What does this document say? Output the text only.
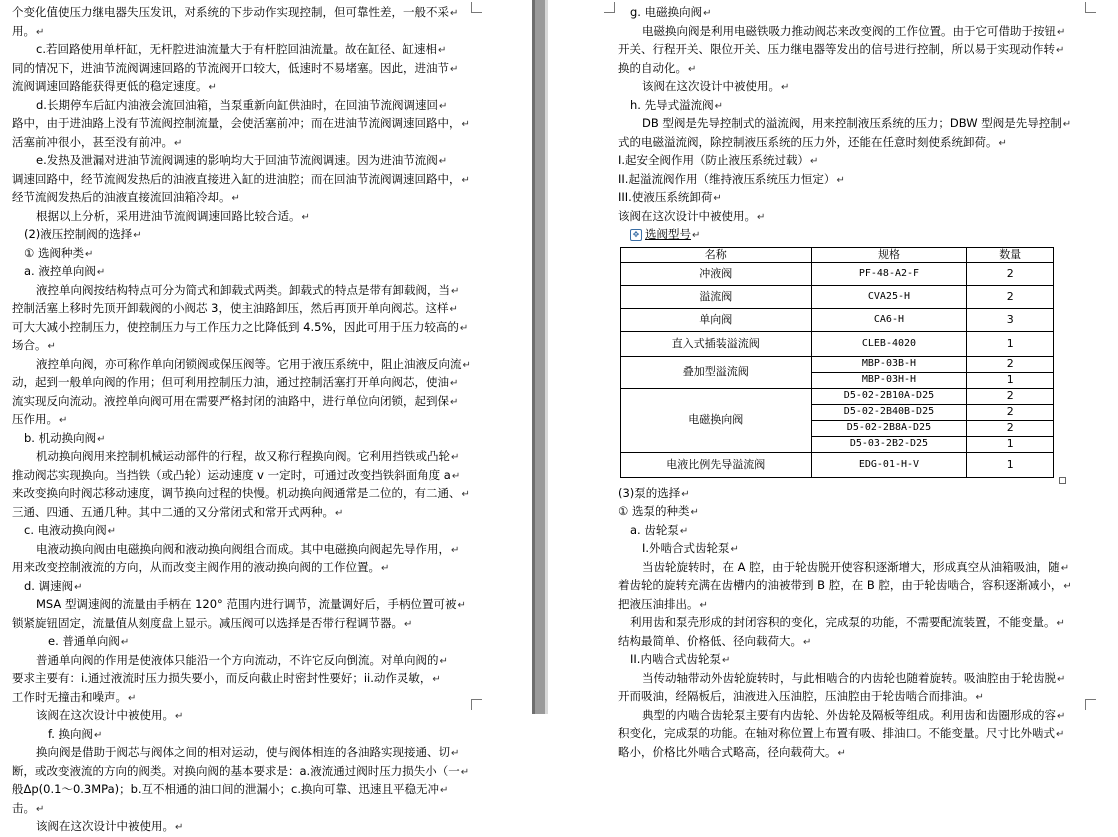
个变化值使压力继电器失压发讯，对系统的下步动作实现控制，但可靠性差，一般不采↵
用。↵
c.若回路使用单杆缸，无杆腔进油流量大于有杆腔回油流量。故在缸径、缸速相↵
同的情况下，进油节流阀调速回路的节流阀开口较大，低速时不易堵塞。因此，进油节↵
流阀调速回路能获得更低的稳定速度。↵
d.长期停车后缸内油液会流回油箱，当泵重新向缸供油时，在回油节流阀调速回↵
路中，由于进油路上没有节流阀控制流量，会使活塞前冲；而在进油节流阀调速回路中，↵
活塞前冲很小，甚至没有前冲。↵
e.发热及泄漏对进油节流阀调速的影响均大于回油节流阀调速。因为进油节流阀↵
调速回路中，经节流阀发热后的油液直接进入缸的进油腔；而在回油节流阀调速回路中，↵
经节流阀发热后的油液直接流回油箱冷却。↵
根据以上分析，采用进油节流阀调速回路比较合适。↵
(2)液压控制阀的选择↵
① 选阀种类↵
a. 液控单向阀↵
液控单向阀按结构特点可分为简式和卸载式两类。卸载式的特点是带有卸载阀，当↵
控制活塞上移时先顶开卸载阀的小阀芯 3，使主油路卸压，然后再顶开单向阀芯。这样↵
可大大减小控制压力，使控制压力与工作压力之比降低到 4.5%，因此可用于压力较高的↵
场合。↵
液控单向阀，亦可称作单向闭锁阀或保压阀等。它用于液压系统中，阻止油液反向流↵
动，起到一般单向阀的作用；但可利用控制压力油，通过控制活塞打开单向阀芯，使油↵
流实现反向流动。液控单向阀可用在需要严格封闭的油路中，进行单位向闭锁，起到保↵
压作用。↵
b. 机动换向阀↵
机动换向阀用来控制机械运动部件的行程，故又称行程换向阀。它利用挡铁或凸轮↵
推动阀芯实现换向。当挡铁（或凸轮）运动速度 v 一定时，可通过改变挡铁斜面角度 a↵
来改变换向时阀芯移动速度，调节换向过程的快慢。机动换向阀通常是二位的，有二通、↵
三通、四通、五通几种。其中二通的又分常闭式和常开式两种。↵
c. 电液动换向阀↵
电液动换向阀由电磁换向阀和液动换向阀组合而成。其中电磁换向阀起先导作用，↵
用来改变控制液流的方向，从而改变主阀作用的液动换向阀的工作位置。↵
d. 调速阀↵
MSA 型调速阀的流量由手柄在 120° 范围内进行调节，流量调好后，手柄位置可被↵
锁紧旋钮固定，流量值从刻度盘上显示。减压阀可以选择是否带行程调节器。↵
e. 普通单向阀↵
普通单向阀的作用是使液体只能沿一个方向流动，不许它反向倒流。对单向阀的↵
要求主要有：i.通过液流时压力损失要小，而反向截止时密封性要好；ii.动作灵敏，↵
工作时无撞击和噪声。↵
该阀在这次设计中被使用。↵
f. 换向阀↵
换向阀是借助于阀芯与阀体之间的相对运动，使与阀体相连的各油路实现接通、切↵
断，或改变液流的方向的阀类。对换向阀的基本要求是：a.液流通过阀时压力损失小（一↵
般Δp(0.1～0.3MPa)；b.互不相通的油口间的泄漏小；c.换向可靠、迅速且平稳无冲↵
击。↵
该阀在这次设计中被使用。↵
g. 电磁换向阀↵
电磁换向阀是利用电磁铁吸力推动阀芯来改变阀的工作位置。由于它可借助于按钮↵
开关、行程开关、限位开关、压力继电器等发出的信号进行控制，所以易于实现动作转↵
换的自动化。↵
该阀在这次设计中被使用。↵
h. 先导式溢流阀↵
DB 型阀是先导控制式的溢流阀，用来控制液压系统的压力；DBW 型阀是先导控制↵
式的电磁溢流阀，除控制液压系统的压力外，还能在任意时刻使系统卸荷。↵
I.起安全阀作用（防止液压系统过载）↵
II.起溢流阀作用（维持液压系统压力恒定）↵
III.使液压系统卸荷↵
该阀在这次设计中被使用。↵
✥ 选阀型号↵
名称	规格	数量
冲液阀	PF-48-A2-F	2
溢流阀	CVA25-H	2
单向阀	CA6-H	3
直入式插装溢流阀	CLEB-4020	1
叠加型溢流阀	MBP-03B-H	2
	MBP-03H-H	1
电磁换向阀	D5-02-2B10A-D25	2
	D5-02-2B40B-D25	2
	D5-02-2B8A-D25	2
	D5-03-2B2-D25	1
电液比例先导溢流阀	EDG-01-H-V	1
(3)泵的选择↵
① 选泵的种类↵
a. 齿轮泵↵
I.外啮合式齿轮泵↵
当齿轮旋转时，在 A 腔，由于轮齿脱开使容积逐渐增大，形成真空从油箱吸油，随↵
着齿轮的旋转充满在齿槽内的油被带到 B 腔，在 B 腔，由于轮齿啮合，容积逐渐减小，↵
把液压油排出。↵
利用齿和泵壳形成的封闭容积的变化，完成泵的功能，不需要配流装置，不能变量。↵
结构最简单、价格低、径向载荷大。↵
II.内啮合式齿轮泵↵
当传动轴带动外齿轮旋转时，与此相啮合的内齿轮也随着旋转。吸油腔由于轮齿脱↵
开而吸油，经隔板后，油液进入压油腔，压油腔由于轮齿啮合而排油。↵
典型的内啮合齿轮泵主要有内齿轮、外齿轮及隔板等组成。利用齿和齿圈形成的容↵
积变化，完成泵的功能。在轴对称位置上布置有吸、排油口。不能变量。尺寸比外啮式↵
略小，价格比外啮合式略高，径向载荷大。↵
